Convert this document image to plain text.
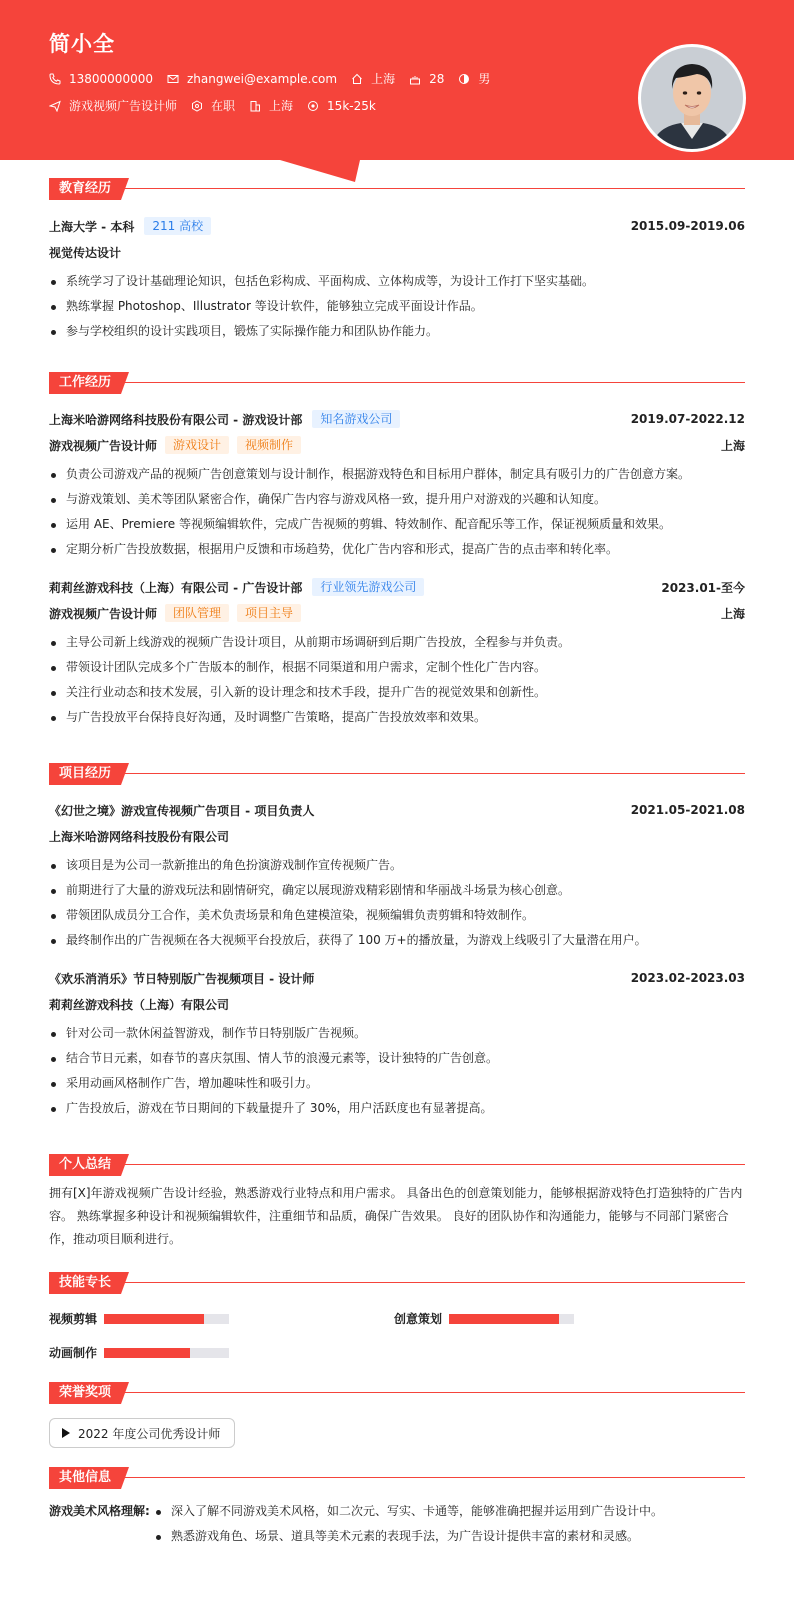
简小全
13800000000	zhangwei@example.com	上海	28	男
游戏视频广告设计师	在职	上海	15k-25k
教育经历
上海大学 - 本科	211 高校	2015.09-2019.06
视觉传达设计
系统学习了设计基础理论知识，包括色彩构成、平面构成、立体构成等，为设计工作打下坚实基础。
熟练掌握 Photoshop、Illustrator 等设计软件，能够独立完成平面设计作品。
参与学校组织的设计实践项目，锻炼了实际操作能力和团队协作能力。
工作经历
上海米哈游网络科技股份有限公司 - 游戏设计部	知名游戏公司	2019.07-2022.12
游戏视频广告设计师	游戏设计	视频制作	上海
负责公司游戏产品的视频广告创意策划与设计制作，根据游戏特色和目标用户群体，制定具有吸引力的广告创意方案。
与游戏策划、美术等团队紧密合作，确保广告内容与游戏风格一致，提升用户对游戏的兴趣和认知度。
运用 AE、Premiere 等视频编辑软件，完成广告视频的剪辑、特效制作、配音配乐等工作，保证视频质量和效果。
定期分析广告投放数据，根据用户反馈和市场趋势，优化广告内容和形式，提高广告的点击率和转化率。
莉莉丝游戏科技（上海）有限公司 - 广告设计部	行业领先游戏公司	2023.01-至今
游戏视频广告设计师	团队管理	项目主导	上海
主导公司新上线游戏的视频广告设计项目，从前期市场调研到后期广告投放，全程参与并负责。
带领设计团队完成多个广告版本的制作，根据不同渠道和用户需求，定制个性化广告内容。
关注行业动态和技术发展，引入新的设计理念和技术手段，提升广告的视觉效果和创新性。
与广告投放平台保持良好沟通，及时调整广告策略，提高广告投放效率和效果。
项目经历
《幻世之境》游戏宣传视频广告项目 - 项目负责人	2021.05-2021.08
上海米哈游网络科技股份有限公司
该项目是为公司一款新推出的角色扮演游戏制作宣传视频广告。
前期进行了大量的游戏玩法和剧情研究，确定以展现游戏精彩剧情和华丽战斗场景为核心创意。
带领团队成员分工合作，美术负责场景和角色建模渲染，视频编辑负责剪辑和特效制作。
最终制作出的广告视频在各大视频平台投放后，获得了 100 万+的播放量，为游戏上线吸引了大量潜在用户。
《欢乐消消乐》节日特别版广告视频项目 - 设计师	2023.02-2023.03
莉莉丝游戏科技（上海）有限公司
针对公司一款休闲益智游戏，制作节日特别版广告视频。
结合节日元素，如春节的喜庆氛围、情人节的浪漫元素等，设计独特的广告创意。
采用动画风格制作广告，增加趣味性和吸引力。
广告投放后，游戏在节日期间的下载量提升了 30%，用户活跃度也有显著提高。
个人总结
拥有[X]年游戏视频广告设计经验，熟悉游戏行业特点和用户需求。 具备出色的创意策划能力，能够根据游戏特色打造独特的广告内容。 熟练掌握多种设计和视频编辑软件，注重细节和品质，确保广告效果。 良好的团队协作和沟通能力，能够与不同部门紧密合作，推动项目顺利进行。
技能专长
视频剪辑	创意策划
动画制作
荣誉奖项
2022 年度公司优秀设计师
其他信息
游戏美术风格理解:	深入了解不同游戏美术风格，如二次元、写实、卡通等，能够准确把握并运用到广告设计中。
熟悉游戏角色、场景、道具等美术元素的表现手法，为广告设计提供丰富的素材和灵感。
